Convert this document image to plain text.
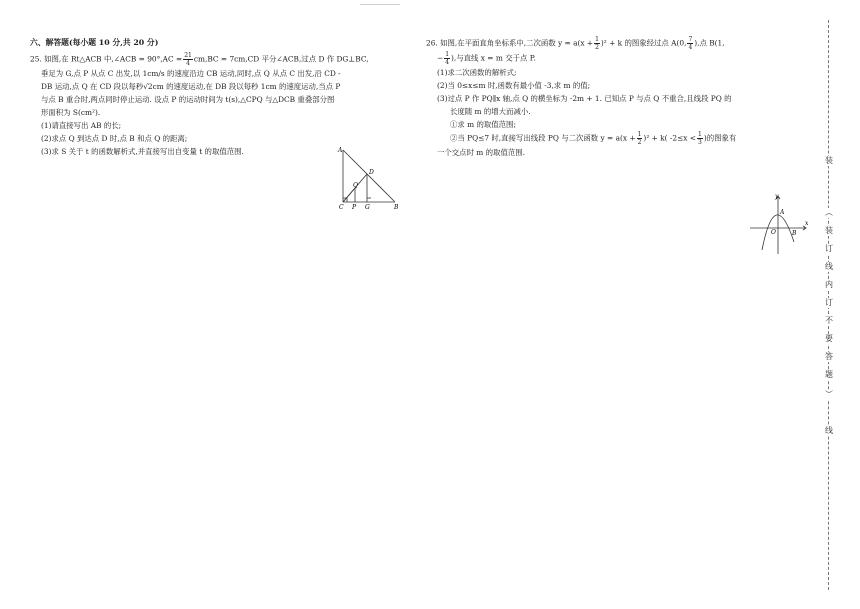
六、解答题(每小题 10 分,共 20 分)
25. 如图,在 Rt△ACB 中,∠ACB = $90^\circ,AC = \frac{21}{4} cm,BC = 7cm,CD$ 平分∠ACB,过点 D 作 DG⊥BC,
垂足为 G,点 P 从点 C 出发,以 1cm/s 的速度沿边 CB 运动,同时,点 Q 从点 C 出发,沿 CD -
DB 运动,点 Q 在 CD 段以每秒√2cm 的速度运动,在 DB 段以每秒 1cm 的速度运动,当点 P
与点 B 重合时,两点同时停止运动. 设点 P 的运动时间为 t(s),△CPQ 与△DCB 重叠部分图
形面积为 S(cm²).
(1)请直接写出 AB 的长;
(2)求点 Q 到达点 D 时,点 B 和点 Q 的距离;
(3)求 S 关于 t 的函数解析式,并直接写出自变量 t 的取值范围.	A
D
Q
C P G	B
26. 如图,在平面直角坐标系中,二次函数 $y = a(x + \frac{1}{2} )^2 + k$ 的图象经过点 A(0, $\frac{7}{4}$ ),点 B(1,
− $\frac{1}{4}$ ),与直线 x = m 交于点 P.
(1)求二次函数的解析式;
(2)当 0≤x≤m 时,函数有最小值 -3,求 m 的值;
(3)过点 P 作 PQ∥x 轴,点 Q 的横坐标为 -2m + 1. 已知点 P 与点 Q 不重合,且线段 PQ 的
长度随 m 的增大而减小.
①求 m 的取值范围;
②当 PQ≤7 时,直接写出线段 PQ 与二次函数 $y = a(x + \frac{1}{2} )^2 + k$( $-2\le x < \frac{1}{3}$ )的图象有
一个交点时 m 的取值范围.
y
A
O	B
x
装
︵
装
订
线
内
订
不
要
答
题
︶
线
